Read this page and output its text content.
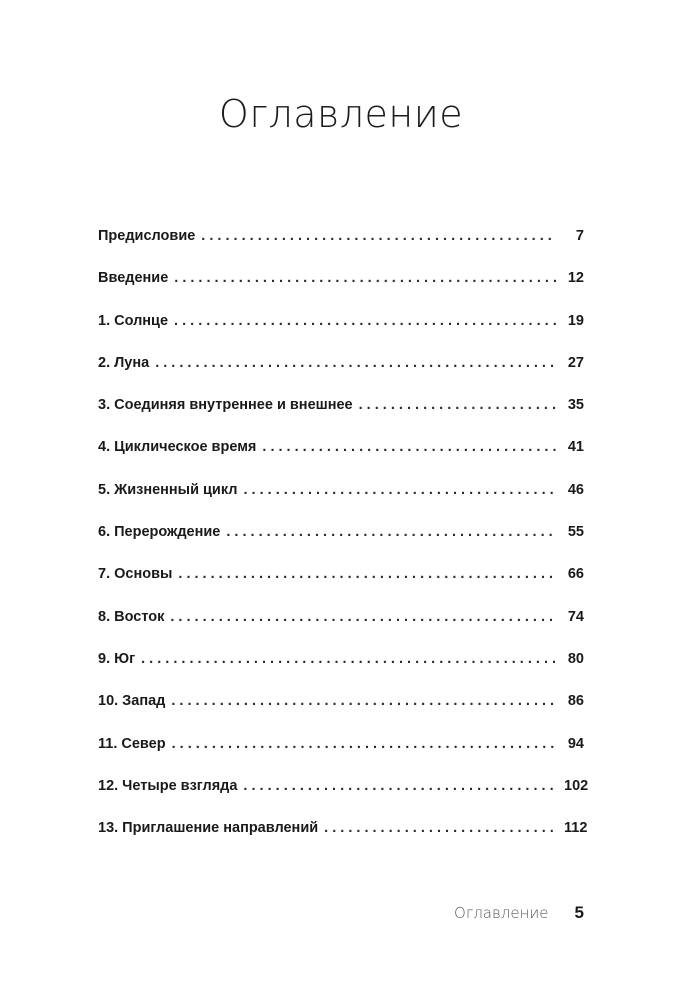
Оглавление
Предисловие . . .	7
Введение . . .	12
1. Солнце . . .	19
2. Луна . . .	27
3. Соединяя внутреннее и внешнее . . .	35
4. Циклическое время . . .	41
5. Жизненный цикл . . .	46
6. Перерождение . . .	55
7. Основы . . .	66
8. Восток . . .	74
9. Юг . . .	80
10. Запад . . .	86
11. Север . . .	94
12. Четыре взгляда . . .	102
13. Приглашение направлений . . .	112
Оглавление 5
